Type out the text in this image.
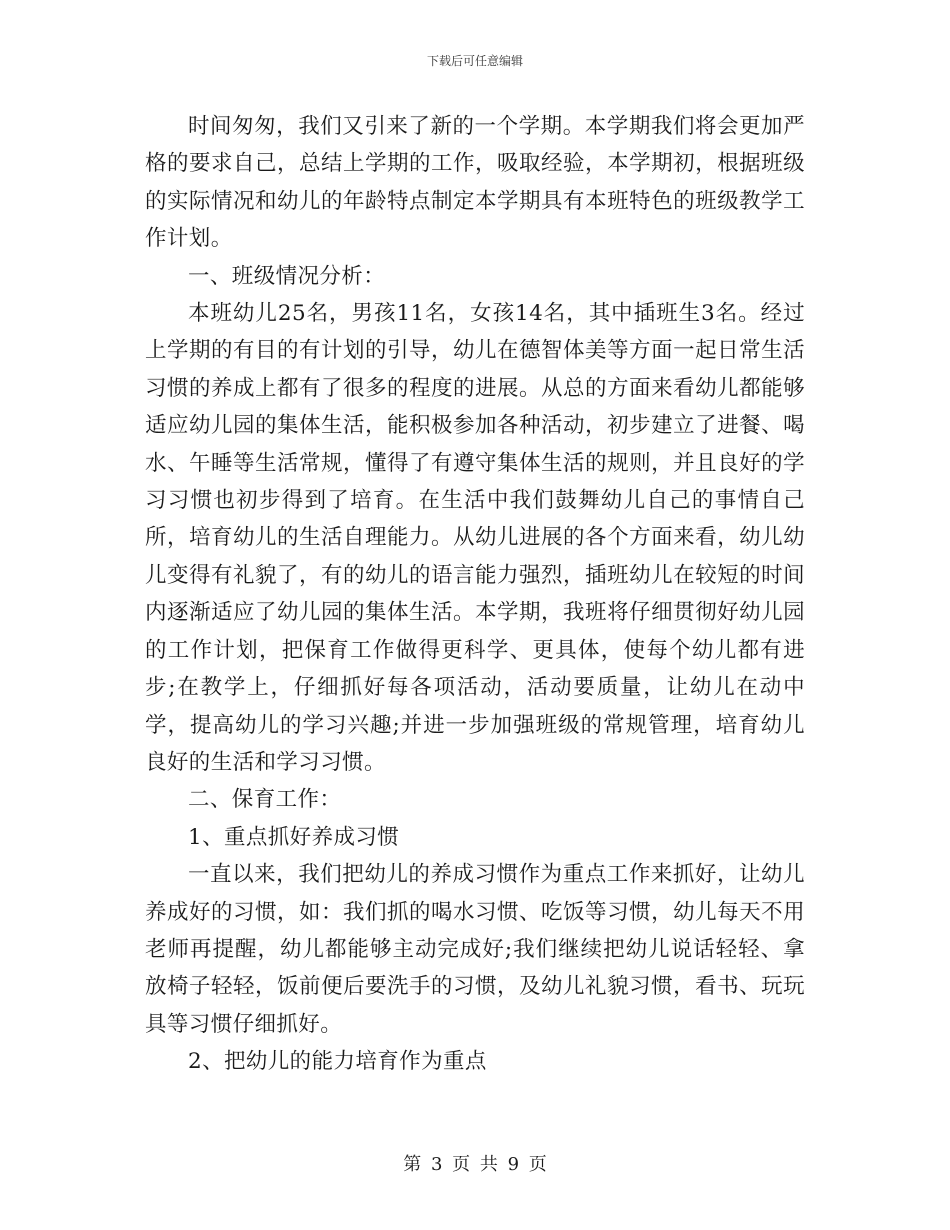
下载后可任意编辑

时间匆匆，我们又引来了新的一个学期。本学期我们将会更加严格的要求自己，总结上学期的工作，吸取经验，本学期初，根据班级的实际情况和幼儿的年龄特点制定本学期具有本班特色的班级教学工作计划。

一、班级情况分析：

本班幼儿25名，男孩11名，女孩14名，其中插班生3名。经过上学期的有目的有计划的引导，幼儿在德智体美等方面一起日常生活习惯的养成上都有了很多的程度的进展。从总的方面来看幼儿都能够适应幼儿园的集体生活，能积极参加各种活动，初步建立了进餐、喝水、午睡等生活常规，懂得了有遵守集体生活的规则，并且良好的学习习惯也初步得到了培育。在生活中我们鼓舞幼儿自己的事情自己所，培育幼儿的生活自理能力。从幼儿进展的各个方面来看，幼儿幼儿变得有礼貌了，有的幼儿的语言能力强烈，插班幼儿在较短的时间内逐渐适应了幼儿园的集体生活。本学期，我班将仔细贯彻好幼儿园的工作计划，把保育工作做得更科学、更具体，使每个幼儿都有进步;在教学上，仔细抓好每各项活动，活动要质量，让幼儿在动中学，提高幼儿的学习兴趣;并进一步加强班级的常规管理，培育幼儿良好的生活和学习习惯。

二、保育工作：

1、重点抓好养成习惯

一直以来，我们把幼儿的养成习惯作为重点工作来抓好，让幼儿养成好的习惯，如：我们抓的喝水习惯、吃饭等习惯，幼儿每天不用老师再提醒，幼儿都能够主动完成好;我们继续把幼儿说话轻轻、拿放椅子轻轻，饭前便后要洗手的习惯，及幼儿礼貌习惯，看书、玩玩具等习惯仔细抓好。

2、把幼儿的能力培育作为重点

第 3 页 共 9 页
